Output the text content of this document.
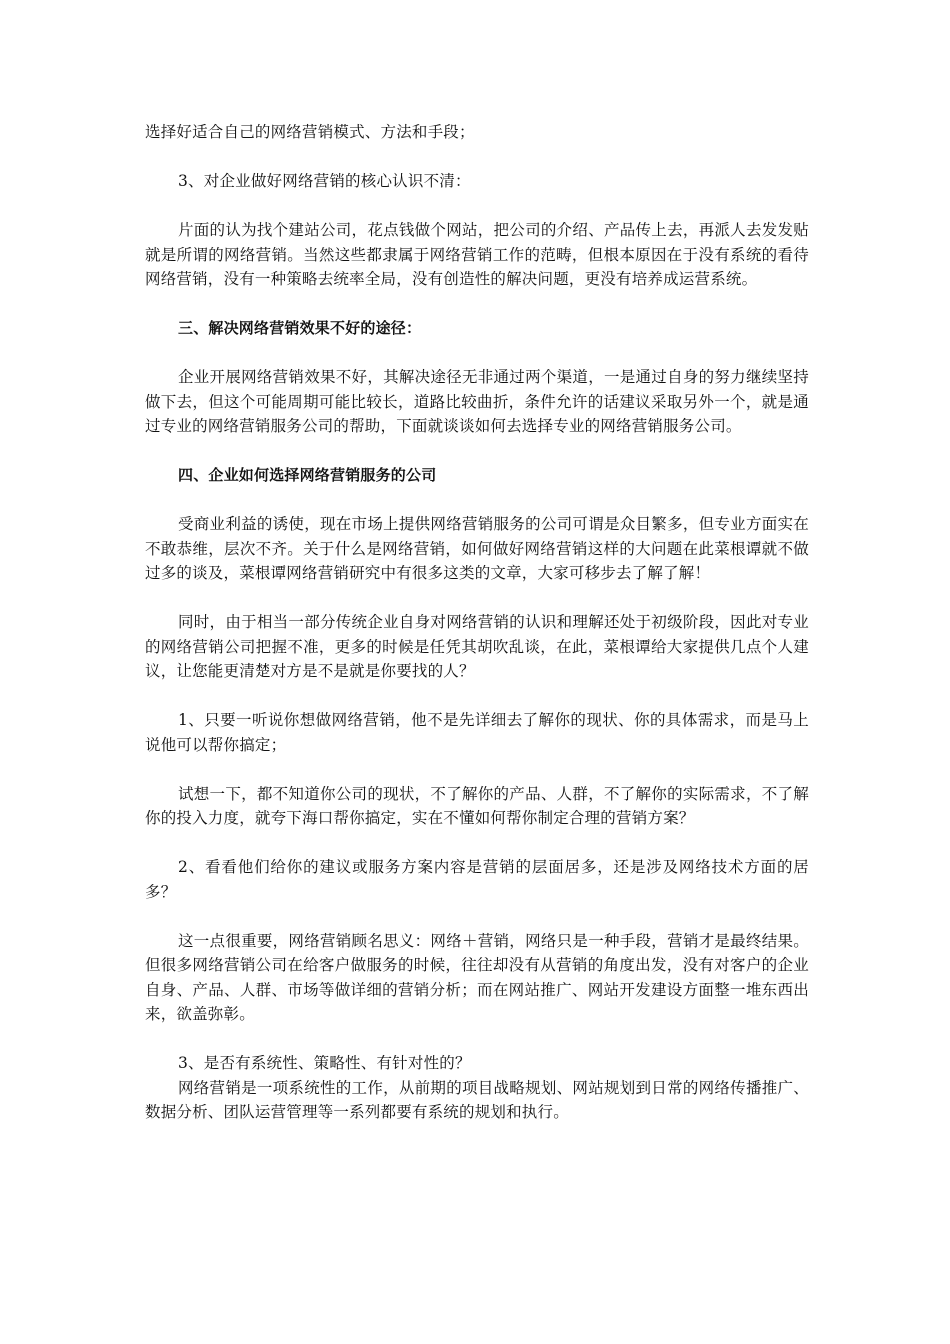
选择好适合自己的网络营销模式、方法和手段；

3、对企业做好网络营销的核心认识不清：

片面的认为找个建站公司，花点钱做个网站，把公司的介绍、产品传上去，再派人去发发贴就是所谓的网络营销。当然这些都隶属于网络营销工作的范畴，但根本原因在于没有系统的看待网络营销，没有一种策略去统率全局，没有创造性的解决问题，更没有培养成运营系统。

三、解决网络营销效果不好的途径：

企业开展网络营销效果不好，其解决途径无非通过两个渠道，一是通过自身的努力继续坚持做下去，但这个可能周期可能比较长，道路比较曲折，条件允许的话建议采取另外一个，就是通过专业的网络营销服务公司的帮助，下面就谈谈如何去选择专业的网络营销服务公司。

四、企业如何选择网络营销服务的公司

受商业利益的诱使，现在市场上提供网络营销服务的公司可谓是众目繁多，但专业方面实在不敢恭维，层次不齐。关于什么是网络营销，如何做好网络营销这样的大问题在此菜根谭就不做过多的谈及，菜根谭网络营销研究中有很多这类的文章，大家可移步去了解了解！

同时，由于相当一部分传统企业自身对网络营销的认识和理解还处于初级阶段，因此对专业的网络营销公司把握不准，更多的时候是任凭其胡吹乱谈，在此，菜根谭给大家提供几点个人建议，让您能更清楚对方是不是就是你要找的人？

1、只要一听说你想做网络营销，他不是先详细去了解你的现状、你的具体需求，而是马上说他可以帮你搞定；

试想一下，都不知道你公司的现状，不了解你的产品、人群，不了解你的实际需求，不了解你的投入力度，就夸下海口帮你搞定，实在不懂如何帮你制定合理的营销方案？

2、看看他们给你的建议或服务方案内容是营销的层面居多，还是涉及网络技术方面的居多？

这一点很重要，网络营销顾名思义：网络＋营销，网络只是一种手段，营销才是最终结果。但很多网络营销公司在给客户做服务的时候，往往却没有从营销的角度出发，没有对客户的企业自身、产品、人群、市场等做详细的营销分析；而在网站推广、网站开发建设方面整一堆东西出来，欲盖弥彰。

3、是否有系统性、策略性、有针对性的？

网络营销是一项系统性的工作，从前期的项目战略规划、网站规划到日常的网络传播推广、数据分析、团队运营管理等一系列都要有系统的规划和执行。
